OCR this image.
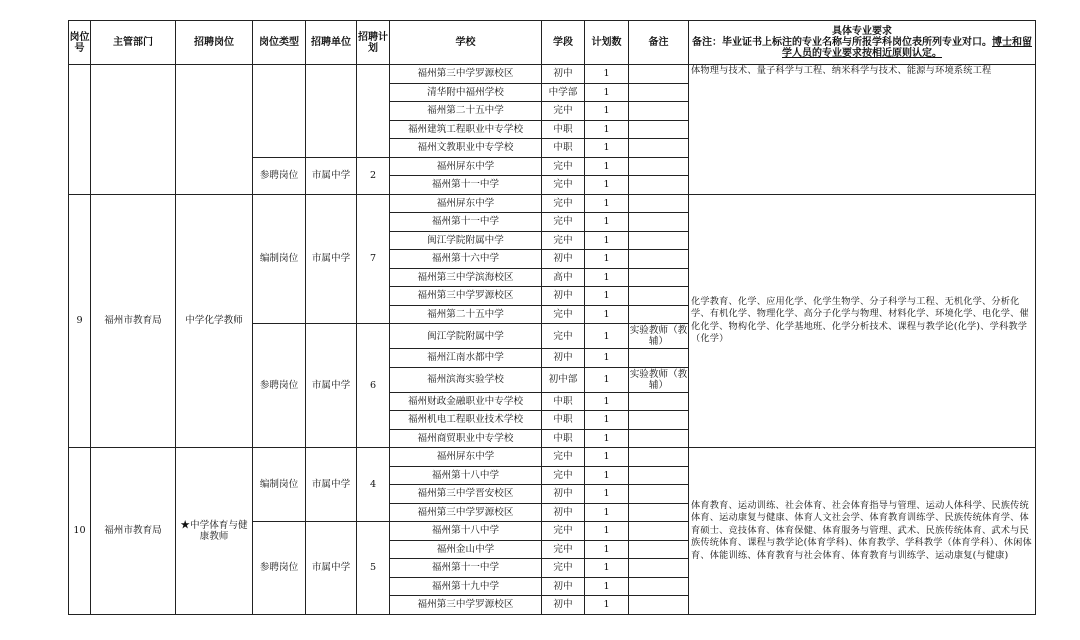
岗位号	主管部门	招聘岗位	岗位类型	招聘单位	招聘计划	学校	学段	计划数	备注	具体专业要求
备注：毕业证书上标注的专业名称与所报学科岗位表所列专业对口。博士和留学人员的专业要求按相近原则认定。
						福州第三中学罗源校区	初中	1		体物理与技术、量子科学与工程、纳米科学与技术、能源与环境系统工程
						清华附中福州学校	中学部	1		
						福州第二十五中学	完中	1		
						福州建筑工程职业中专学校	中职	1		
						福州文教职业中专学校	中职	1		
			参聘岗位	市属中学	2	福州屏东中学	完中	1		
						福州第十一中学	完中	1		
9	福州市教育局	中学化学教师	编制岗位	市属中学	7	福州屏东中学	完中	1		化学教育、化学、应用化学、化学生物学、分子科学与工程、无机化学、分析化学、有机化学、物理化学、高分子化学与物理、材料化学、环境化学、电化学、催化化学、物构化学、化学基地班、化学分析技术、课程与教学论(化学)、学科教学（化学）
						福州第十一中学	完中	1		
						闽江学院附属中学	完中	1		
						福州第十六中学	初中	1		
						福州第三中学滨海校区	高中	1		
						福州第三中学罗源校区	初中	1		
						福州第二十五中学	完中	1		
			参聘岗位	市属中学	6	闽江学院附属中学	完中	1	实验教师（教辅）	
						福州江南水都中学	初中	1		
						福州滨海实验学校	初中部	1	实验教师（教辅）	
						福州财政金融职业中专学校	中职	1		
						福州机电工程职业技术学校	中职	1		
						福州商贸职业中专学校	中职	1		
10	福州市教育局	★中学体育与健康教师	编制岗位	市属中学	4	福州屏东中学	完中	1		体育教育、运动训练、社会体育、社会体育指导与管理、运动人体科学、民族传统体育、运动康复与健康、体育人文社会学、体育教育训练学、民族传统体育学、体育硕士、竞技体育、体育保健、体育服务与管理、武术、民族传统体育、武术与民族传统体育、课程与教学论(体育学科)、体育教学、学科教学（体育学科）、休闲体育、体能训练、体育教育与社会体育、体育教育与训练学、运动康复(与健康)
						福州第十八中学	完中	1		
						福州第三中学晋安校区	初中	1		
						福州第三中学罗源校区	初中	1		
			参聘岗位	市属中学	5	福州第十八中学	完中	1		
						福州金山中学	完中	1		
						福州第十一中学	完中	1		
						福州第十九中学	初中	1		
						福州第三中学罗源校区	初中	1		
